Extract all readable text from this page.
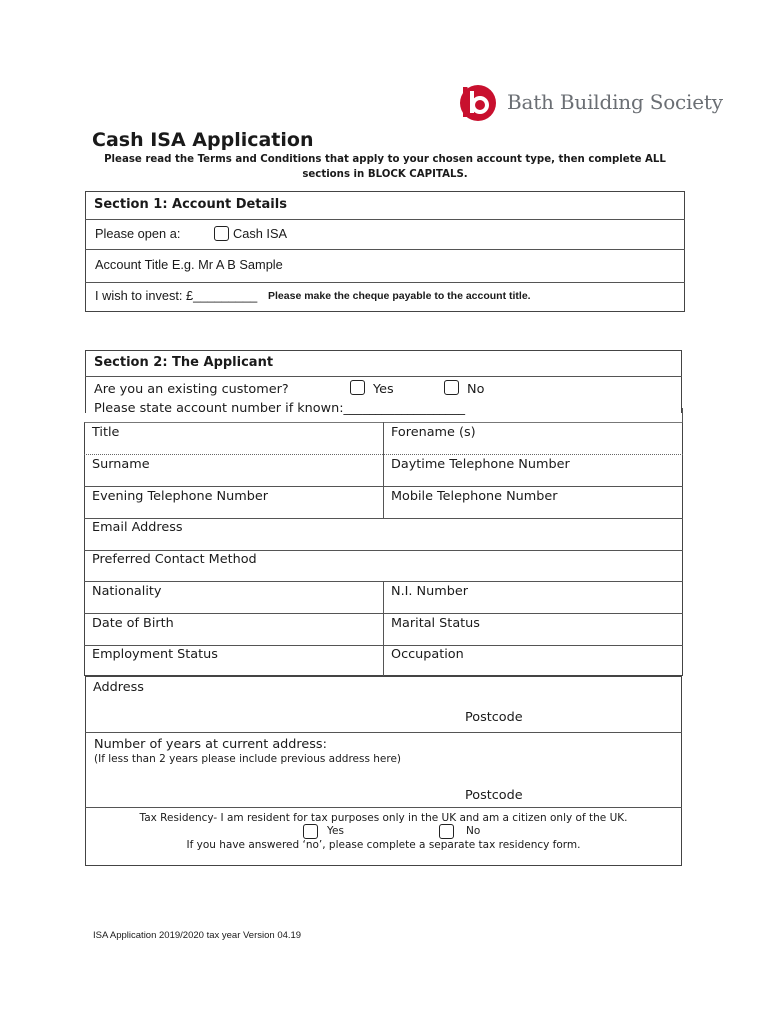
Bath Building Society
Cash ISA Application
Please read the Terms and Conditions that apply to your chosen account type, then complete ALL
sections in BLOCK CAPITALS.
Section 1: Account Details
Please open a:	Cash ISA
Account Title E.g. Mr A B Sample
I wish to invest: £_________ Please make the cheque payable to the account title.
Section 2: The Applicant
Are you an existing customer?	Yes	No
Please state account number if known:___________________
Title	Forename (s)
Surname	Daytime Telephone Number
Evening Telephone Number	Mobile Telephone Number
Email Address
Preferred Contact Method
Nationality	N.I. Number
Date of Birth	Marital Status
Employment Status	Occupation
Address
Postcode
Number of years at current address:
(If less than 2 years please include previous address here)
Postcode
Tax Residency- I am resident for tax purposes only in the UK and am a citizen only of the UK.
Yes	No
If you have answered ‘no’, please complete a separate tax residency form.
ISA Application 2019/2020 tax year Version 04.19
